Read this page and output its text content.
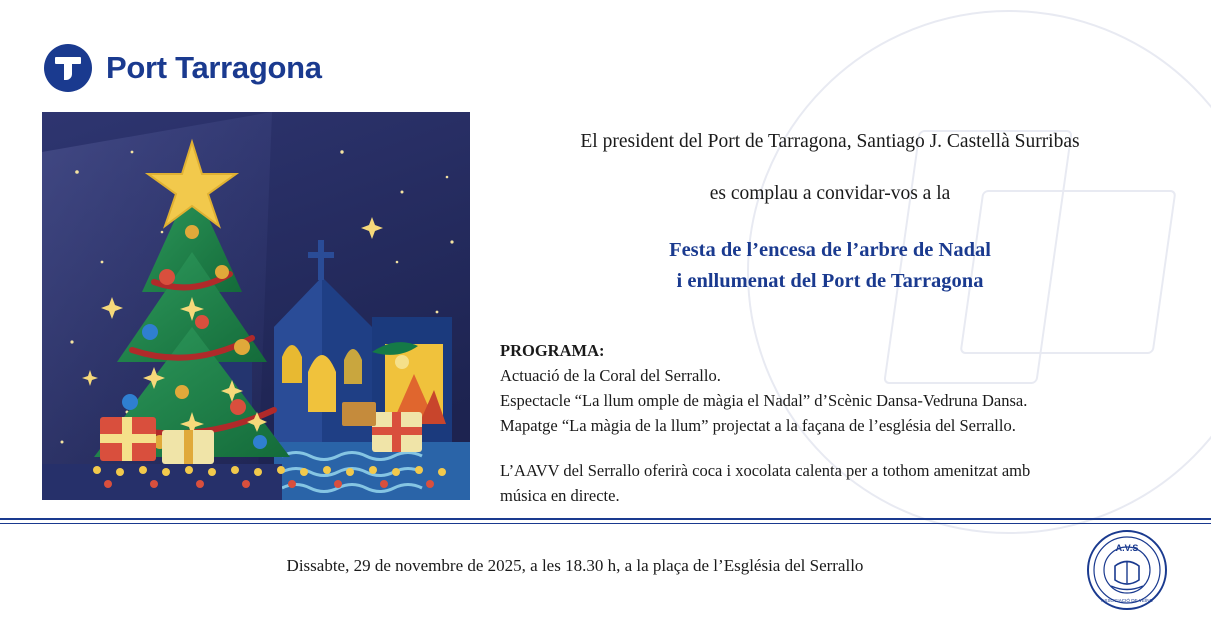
Port Tarragona
El president del Port de Tarragona, Santiago J. Castellà Surribas
es complau a convidar-vos a la
Festa de l’encesa de l’arbre de Nadal
i enllumenat del Port de Tarragona
PROGRAMA:
Actuació de la Coral del Serrallo.
Espectacle “La llum omple de màgia el Nadal” d’Scènic Dansa-Vedruna Dansa.
Mapatge “La màgia de la llum” projectat a la façana de l’església del Serrallo.
L’AAVV del Serrallo oferirà coca i xocolata calenta per a tothom amenitzat amb
música en directe.
Dissabte, 29 de novembre de 2025, a les 18.30 h, a la plaça de l’Església del Serrallo
A.V.S
ASSOCIACIÓ DE VEÏNS
